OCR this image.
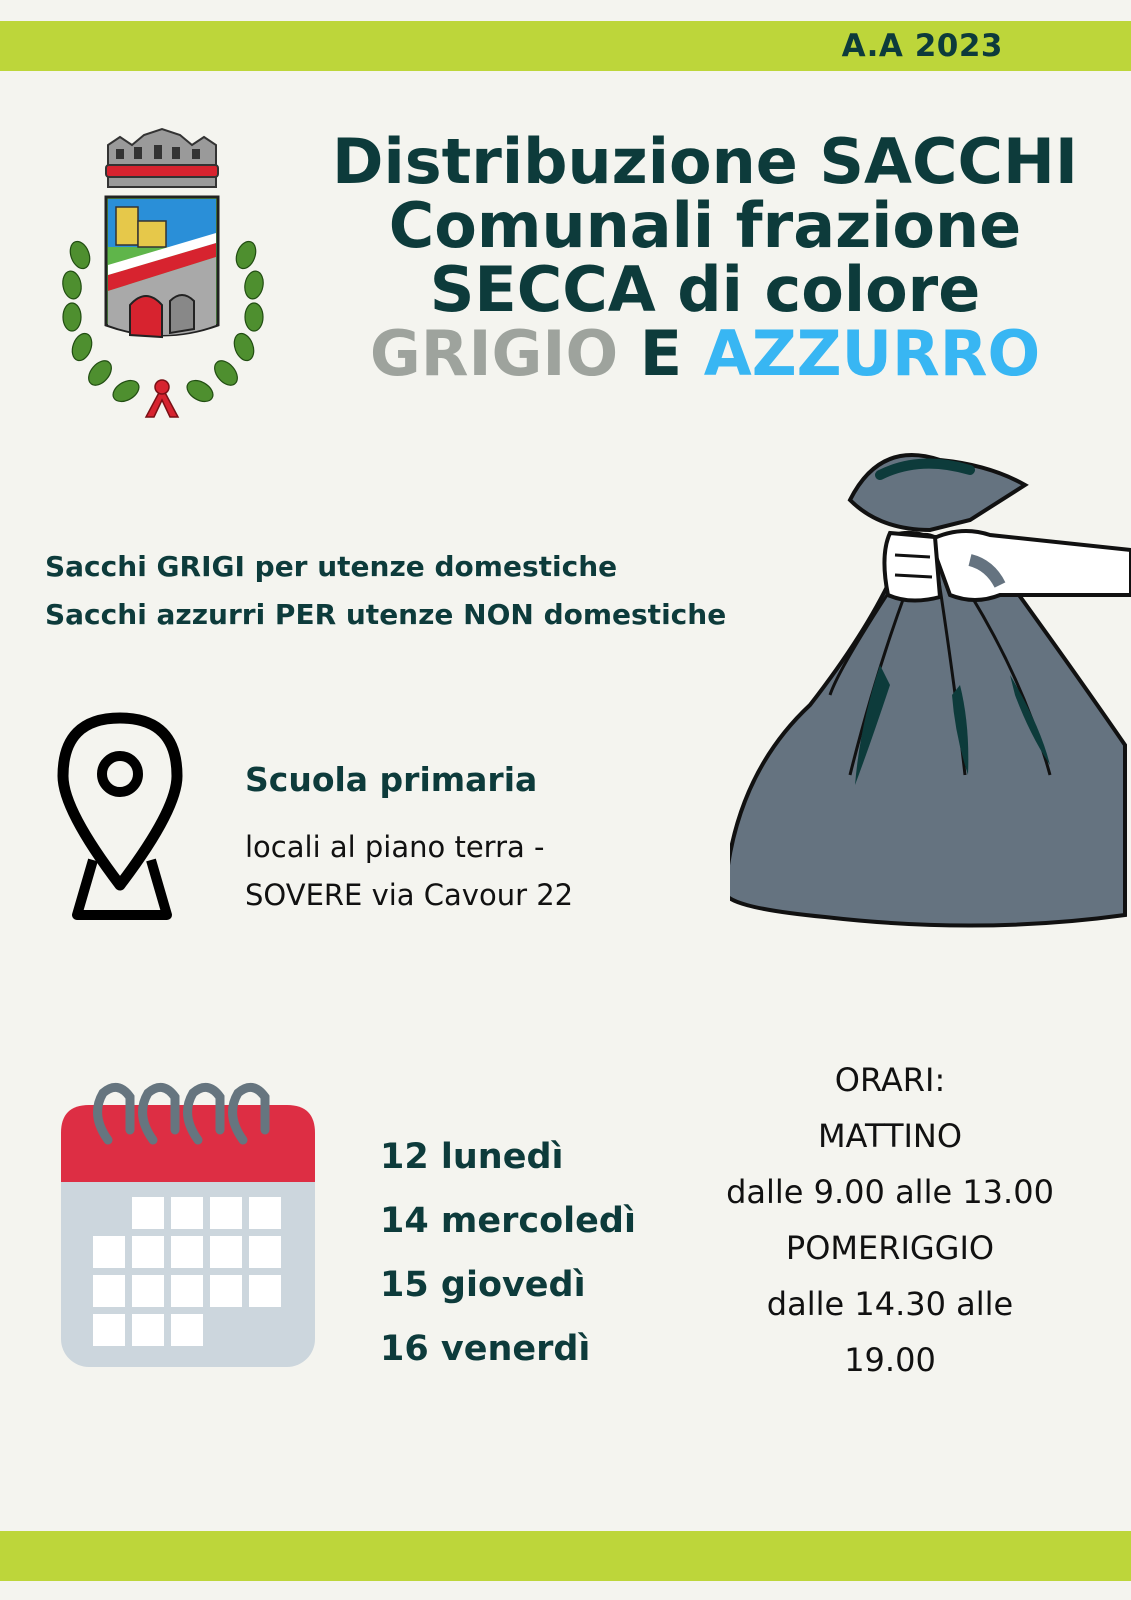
A.A 2023
Distribuzione SACCHI
Comunali frazione
SECCA di colore
GRIGIO E AZZURRO
Sacchi GRIGI per utenze domestiche
Sacchi azzurri PER utenze NON domestiche
Scuola primaria
locali al piano terra -
SOVERE via Cavour 22
12 lunedì
14 mercoledì
15 giovedì
16 venerdì
ORARI:
MATTINO
dalle 9.00 alle 13.00
POMERIGGIO
dalle 14.30 alle
19.00
